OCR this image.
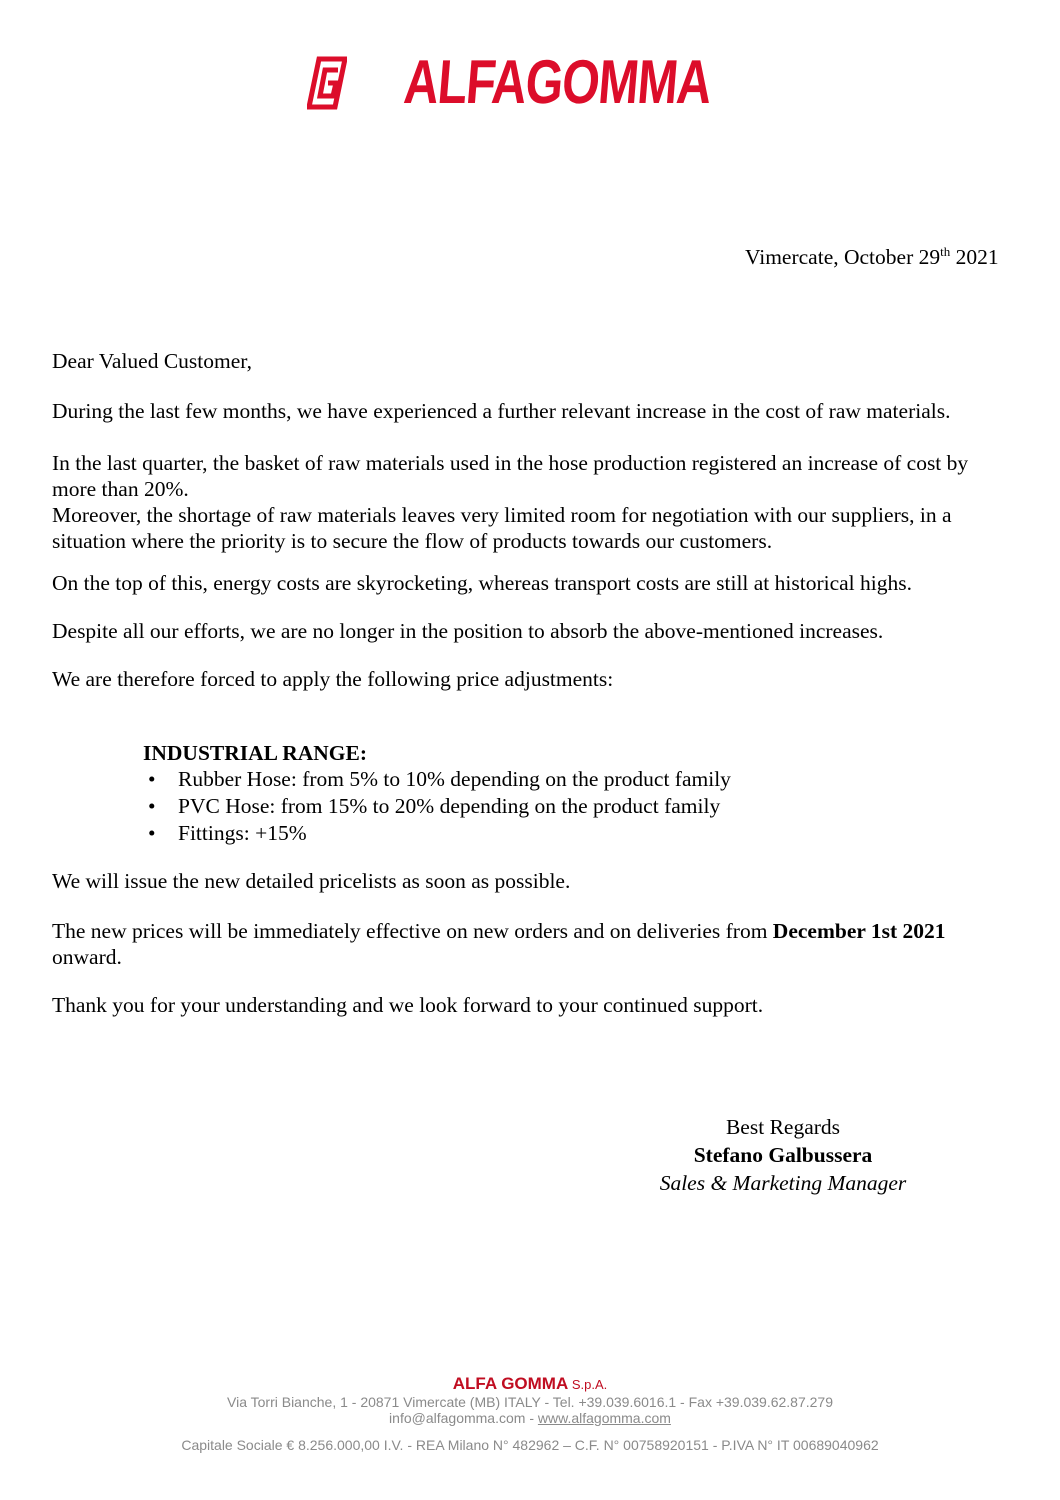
ALFAGOMMA
Vimercate, October 29th 2021
Dear Valued Customer,
During the last few months, we have experienced a further relevant increase in the cost of raw materials.
In the last quarter, the basket of raw materials used in the hose production registered an increase of cost by
more than 20%.
Moreover, the shortage of raw materials leaves very limited room for negotiation with our suppliers, in a
situation where the priority is to secure the flow of products towards our customers.
On the top of this, energy costs are skyrocketing, whereas transport costs are still at historical highs.
Despite all our efforts, we are no longer in the position to absorb the above-mentioned increases.
We are therefore forced to apply the following price adjustments:
INDUSTRIAL RANGE:
•	Rubber Hose: from 5% to 10% depending on the product family
•	PVC Hose: from 15% to 20% depending on the product family
•	Fittings: +15%
We will issue the new detailed pricelists as soon as possible.
The new prices will be immediately effective on new orders and on deliveries from December 1st 2021
onward.
Thank you for your understanding and we look forward to your continued support.
Best Regards
Stefano Galbussera
Sales & Marketing Manager
ALFA GOMMA S.p.A.
Via Torri Bianche, 1 - 20871 Vimercate (MB) ITALY - Tel. +39.039.6016.1 - Fax +39.039.62.87.279
info@alfagomma.com - www.alfagomma.com
Capitale Sociale € 8.256.000,00 I.V. - REA Milano N° 482962 – C.F. N° 00758920151 - P.IVA N° IT 00689040962
